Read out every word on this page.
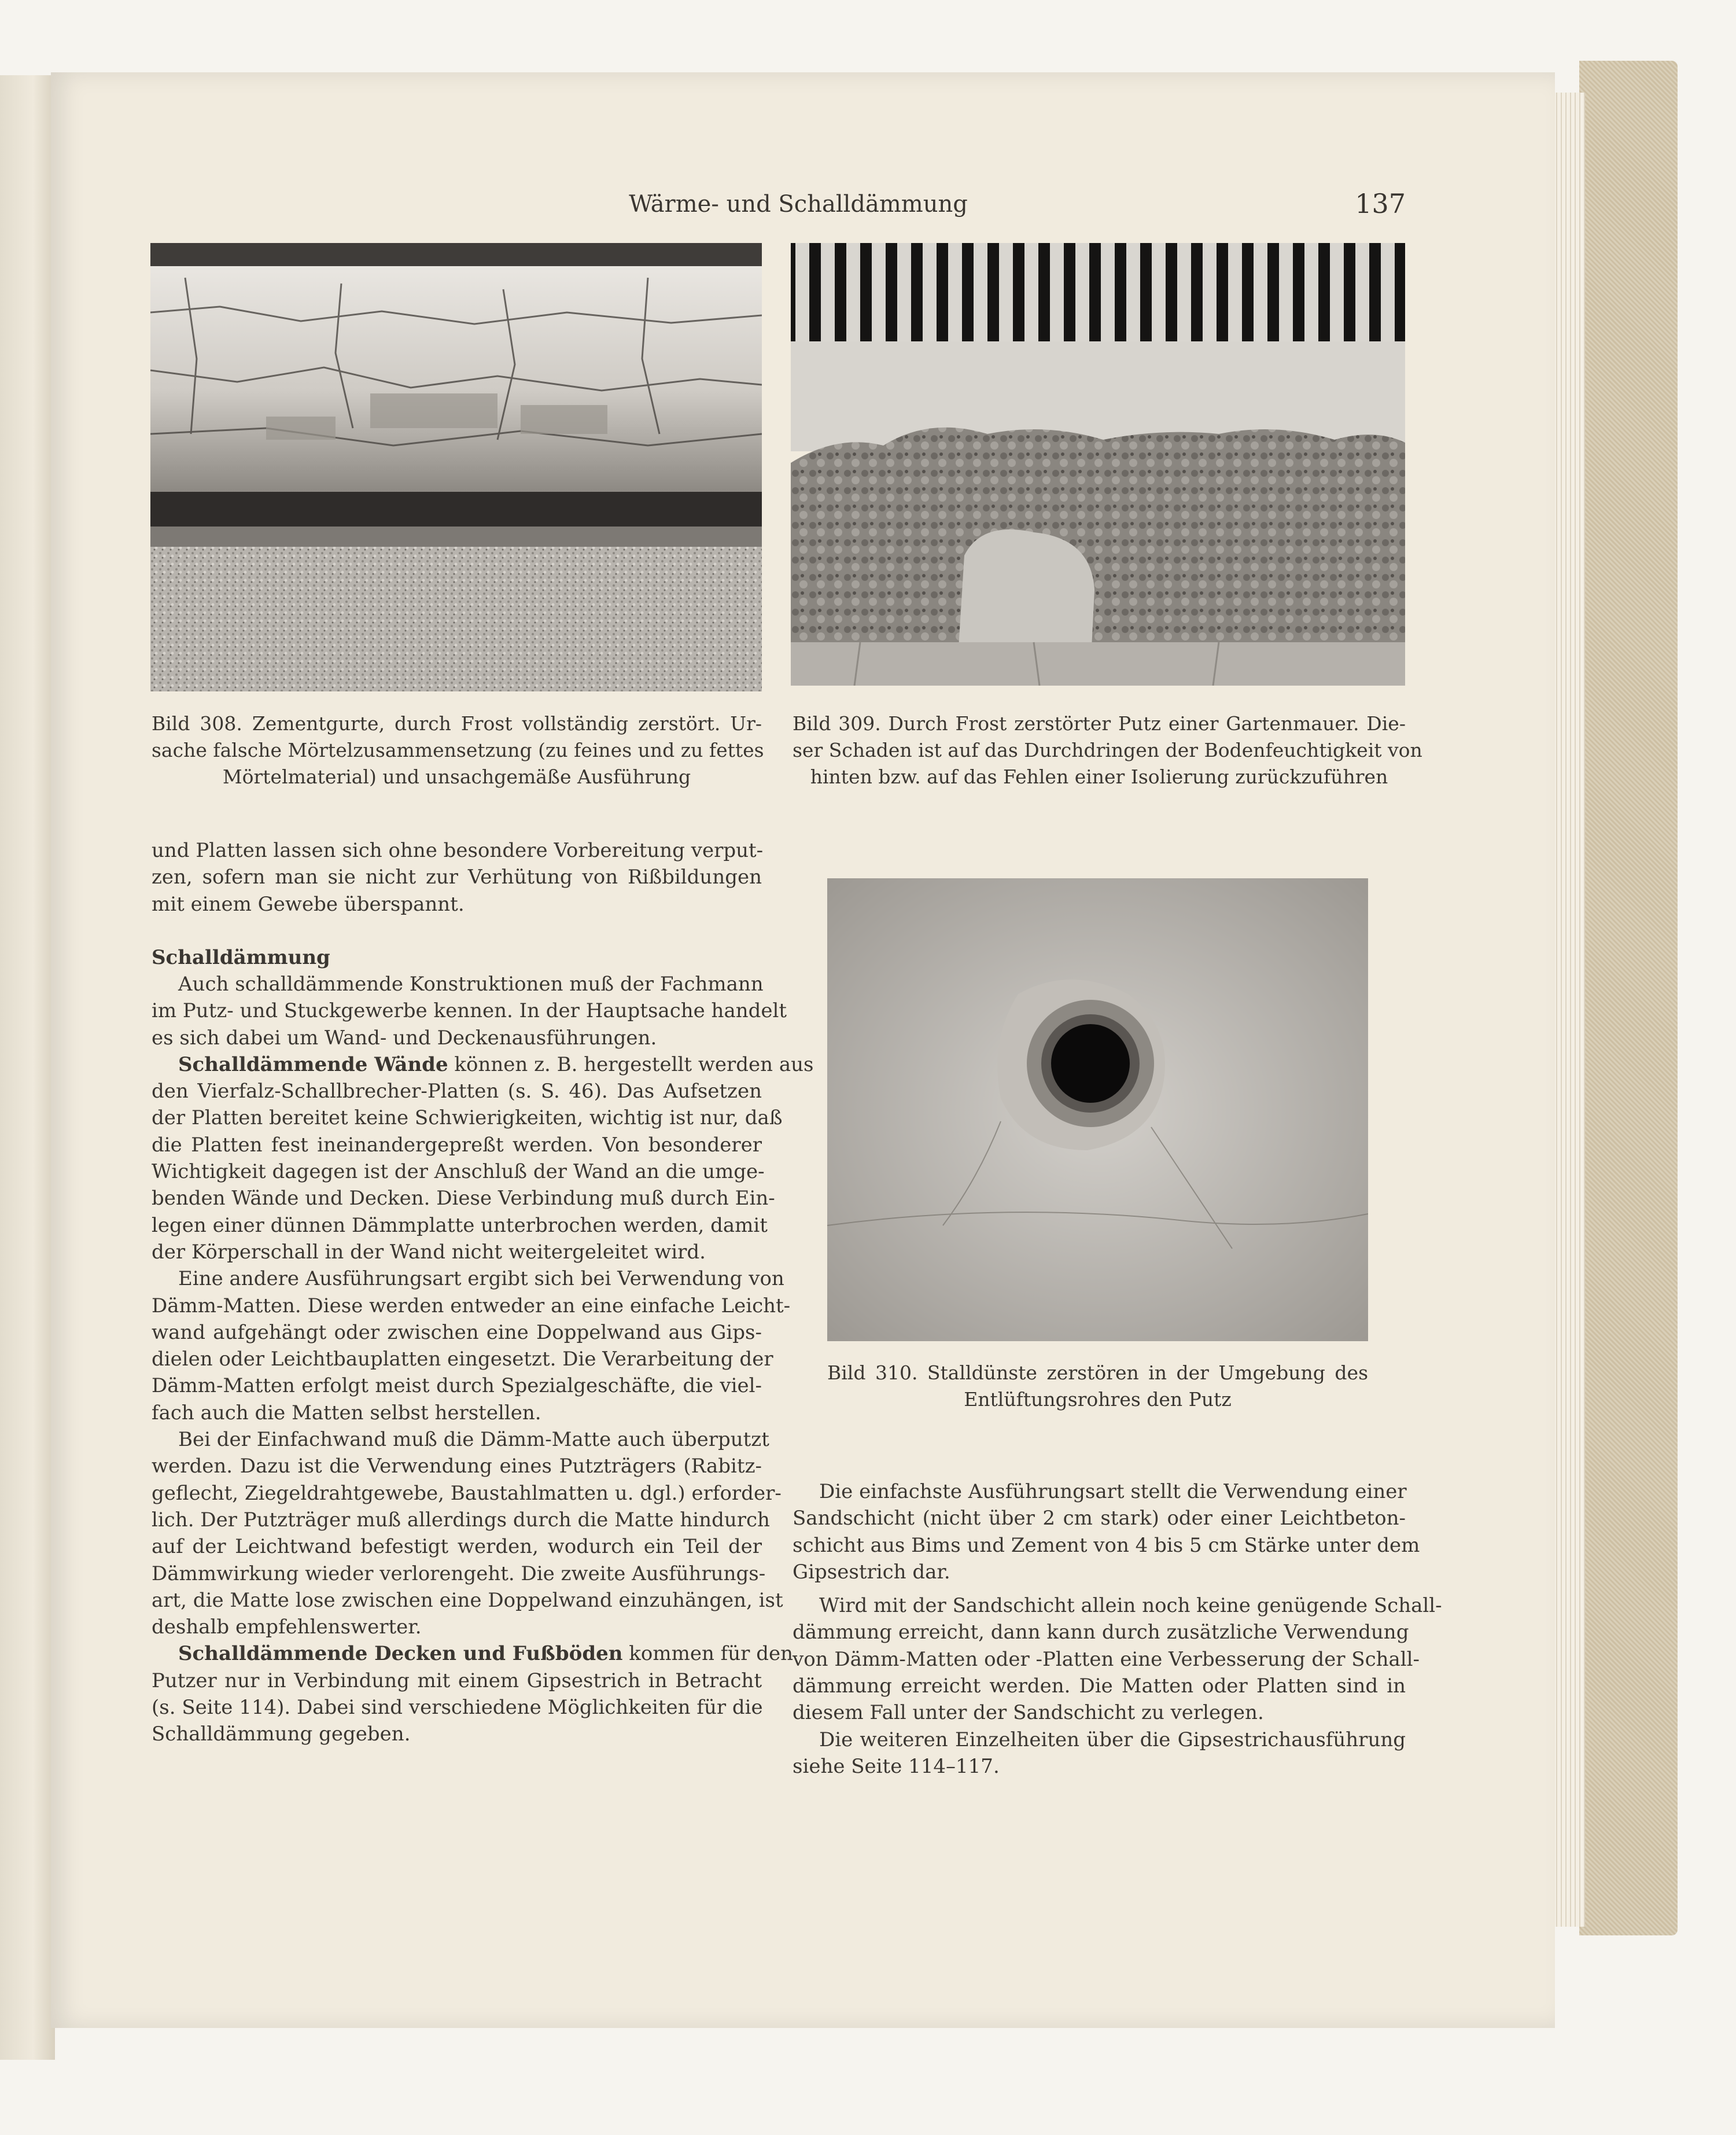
Wärme- und Schalldämmung	137
Bild 308. Zementgurte, durch Frost vollständig zerstört. Ur-
sache falsche Mörtelzusammensetzung (zu feines und zu fettes
Mörtelmaterial) und unsachgemäße Ausführung
Bild 309. Durch Frost zerstörter Putz einer Gartenmauer. Die-
ser Schaden ist auf das Durchdringen der Bodenfeuchtigkeit von
hinten bzw. auf das Fehlen einer Isolierung zurückzuführen
Bild 310. Stalldünste zerstören in der Umgebung des
Entlüftungsrohres den Putz
und Platten lassen sich ohne besondere Vorbereitung verput-
zen, sofern man sie nicht zur Verhütung von Rißbildungen
mit einem Gewebe überspannt.
Schalldämmung
Auch schalldämmende Konstruktionen muß der Fachmann
im Putz- und Stuckgewerbe kennen. In der Hauptsache handelt
es sich dabei um Wand- und Deckenausführungen.
Schalldämmende Wände können z. B. hergestellt werden aus
den Vierfalz-Schallbrecher-Platten (s. S. 46). Das Aufsetzen
der Platten bereitet keine Schwierigkeiten, wichtig ist nur, daß
die Platten fest ineinandergepreßt werden. Von besonderer
Wichtigkeit dagegen ist der Anschluß der Wand an die umge-
benden Wände und Decken. Diese Verbindung muß durch Ein-
legen einer dünnen Dämmplatte unterbrochen werden, damit
der Körperschall in der Wand nicht weitergeleitet wird.
Eine andere Ausführungsart ergibt sich bei Verwendung von
Dämm-Matten. Diese werden entweder an eine einfache Leicht-
wand aufgehängt oder zwischen eine Doppelwand aus Gips-
dielen oder Leichtbauplatten eingesetzt. Die Verarbeitung der
Dämm-Matten erfolgt meist durch Spezialgeschäfte, die viel-
fach auch die Matten selbst herstellen.
Bei der Einfachwand muß die Dämm-Matte auch überputzt
werden. Dazu ist die Verwendung eines Putzträgers (Rabitz-
geflecht, Ziegeldrahtgewebe, Baustahlmatten u. dgl.) erforder-
lich. Der Putzträger muß allerdings durch die Matte hindurch
auf der Leichtwand befestigt werden, wodurch ein Teil der
Dämmwirkung wieder verlorengeht. Die zweite Ausführungs-
art, die Matte lose zwischen eine Doppelwand einzuhängen, ist
deshalb empfehlenswerter.
Schalldämmende Decken und Fußböden kommen für den
Putzer nur in Verbindung mit einem Gipsestrich in Betracht
(s. Seite 114). Dabei sind verschiedene Möglichkeiten für die
Schalldämmung gegeben.
Die einfachste Ausführungsart stellt die Verwendung einer
Sandschicht (nicht über 2 cm stark) oder einer Leichtbeton-
schicht aus Bims und Zement von 4 bis 5 cm Stärke unter dem
Gipsestrich dar.
Wird mit der Sandschicht allein noch keine genügende Schall-
dämmung erreicht, dann kann durch zusätzliche Verwendung
von Dämm-Matten oder -Platten eine Verbesserung der Schall-
dämmung erreicht werden. Die Matten oder Platten sind in
diesem Fall unter der Sandschicht zu verlegen.
Die weiteren Einzelheiten über die Gipsestrichausführung
siehe Seite 114–117.
